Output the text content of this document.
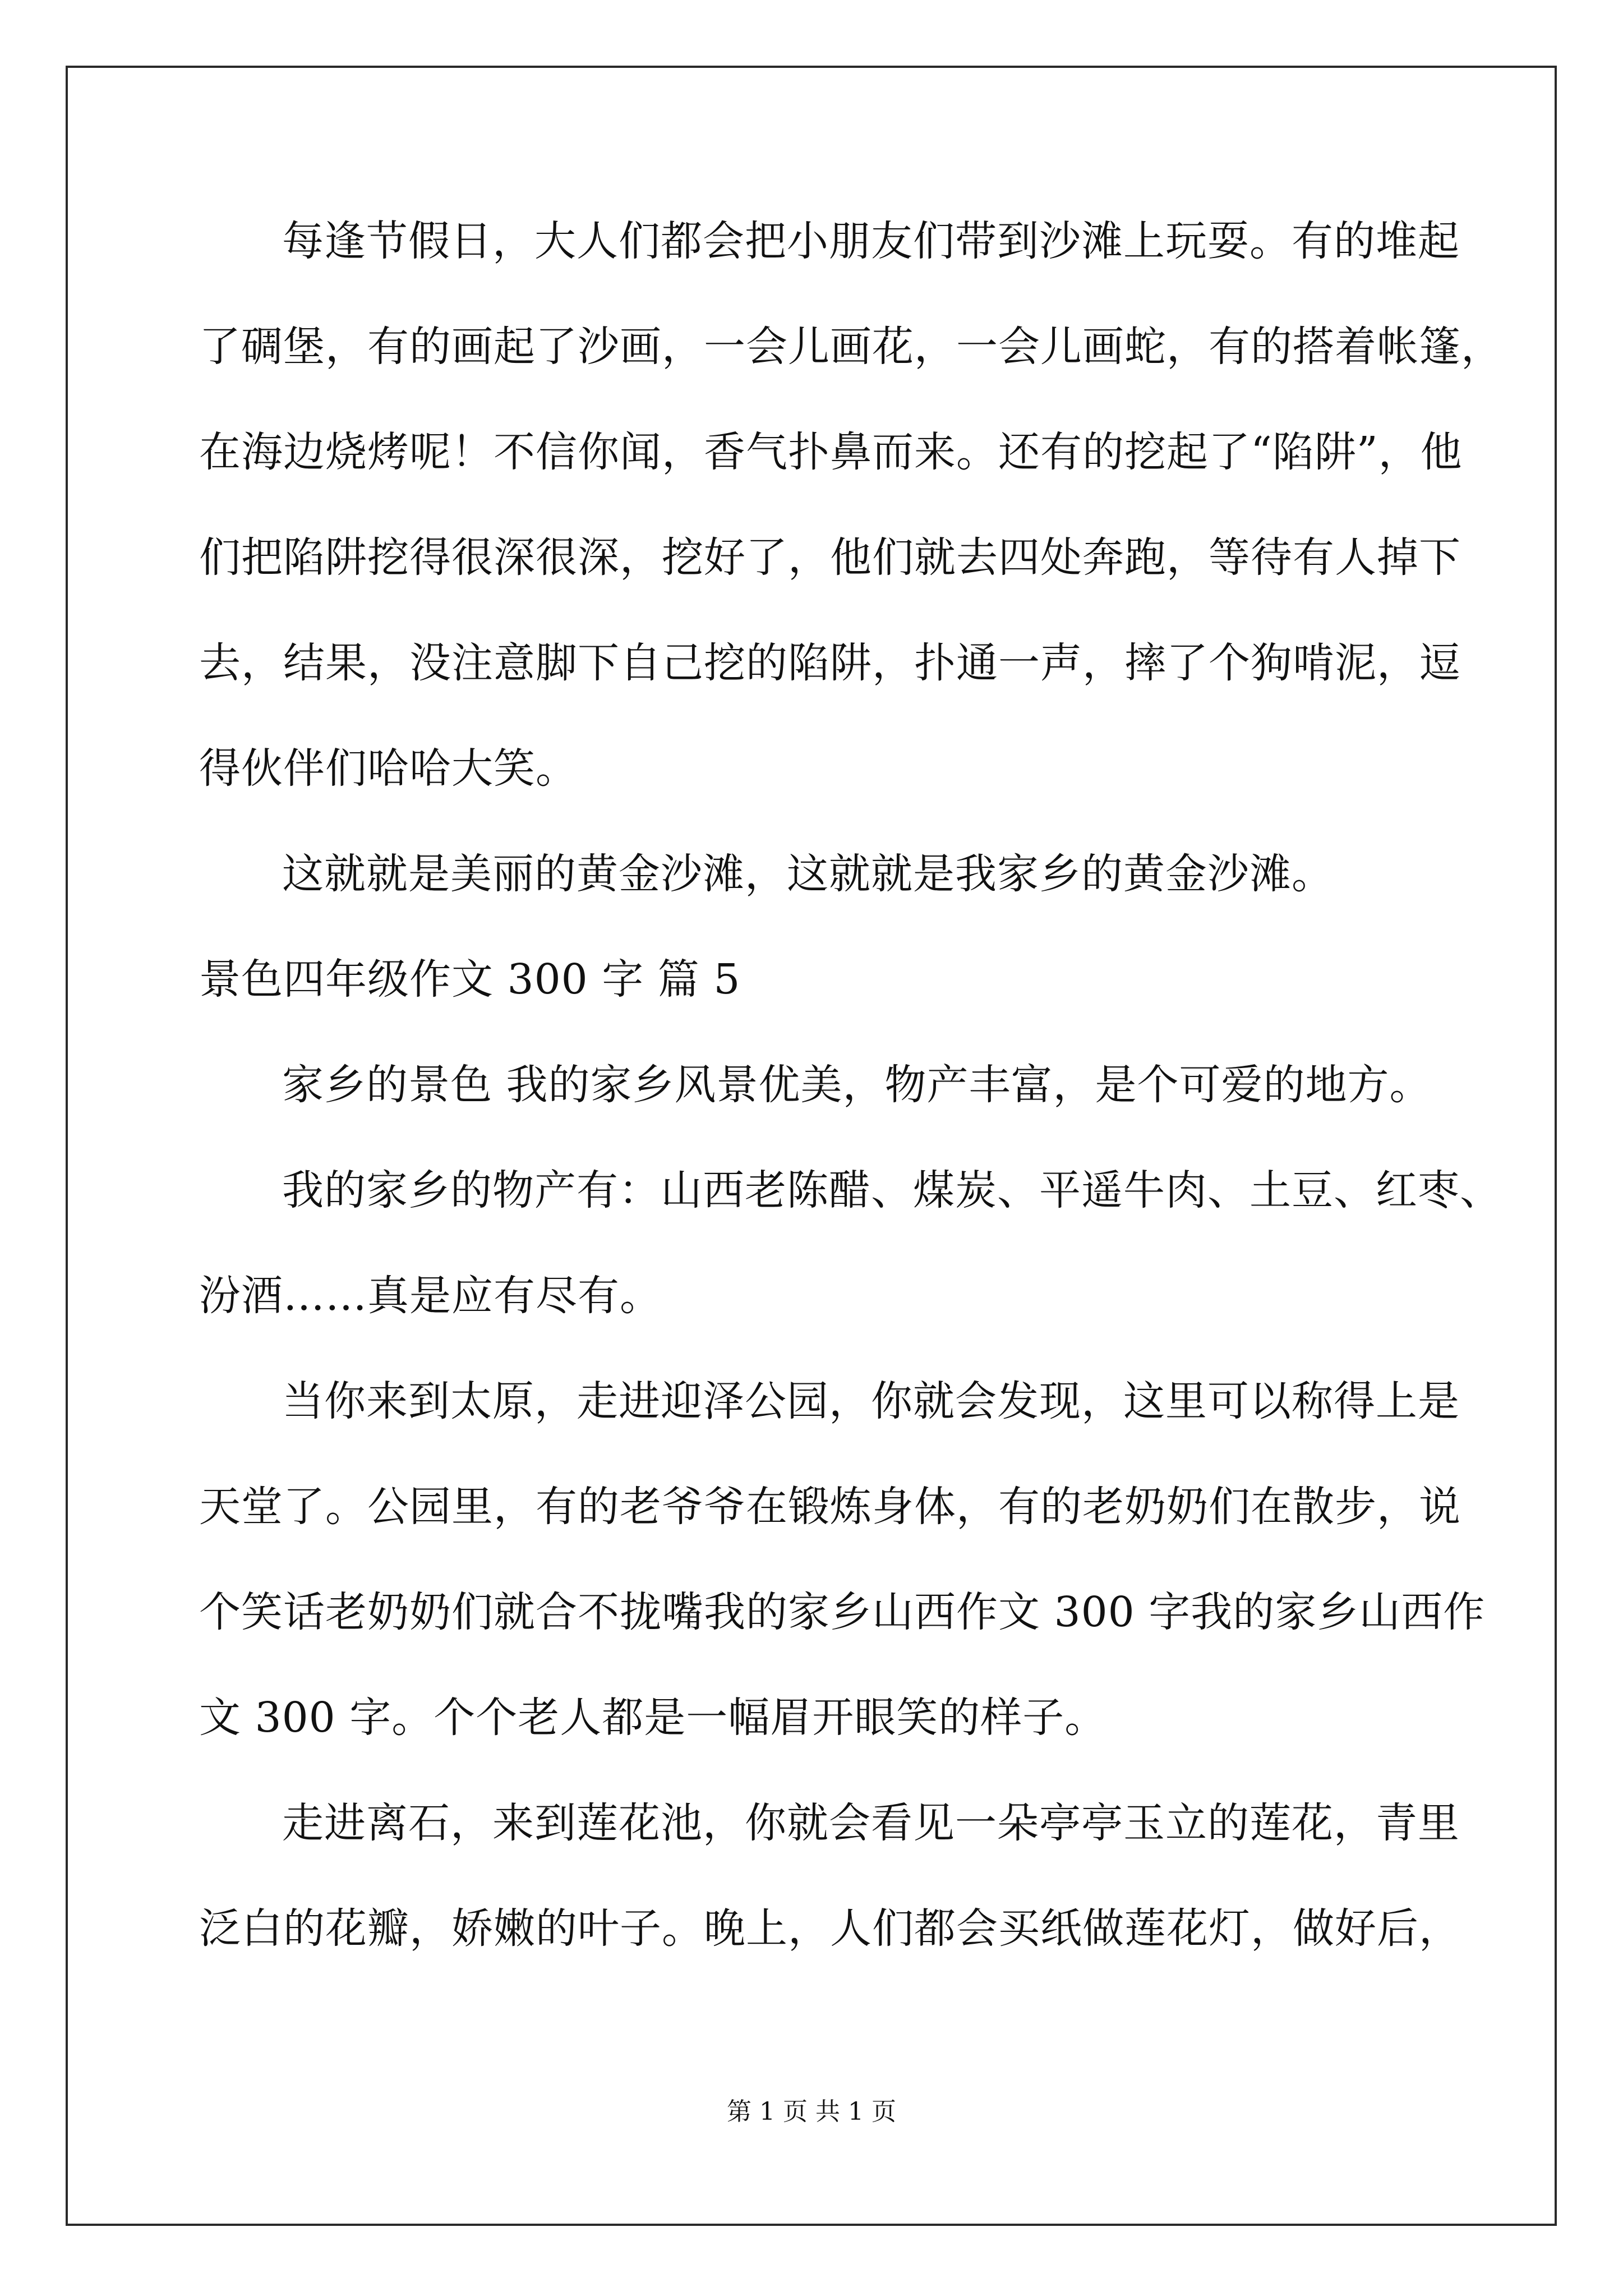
每逢节假日，大人们都会把小朋友们带到沙滩上玩耍。有的堆起
了碉堡，有的画起了沙画，一会儿画花，一会儿画蛇，有的搭着帐篷，
在海边烧烤呢！不信你闻，香气扑鼻而来。还有的挖起了“陷阱”，他
们把陷阱挖得很深很深，挖好了，他们就去四处奔跑，等待有人掉下
去，结果，没注意脚下自己挖的陷阱，扑通一声，摔了个狗啃泥，逗
得伙伴们哈哈大笑。
这就就是美丽的黄金沙滩，这就就是我家乡的黄金沙滩。
景色四年级作文 300 字 篇 5
家乡的景色 我的家乡风景优美，物产丰富，是个可爱的地方。
我的家乡的物产有：山西老陈醋、煤炭、平遥牛肉、土豆、红枣、
汾酒……真是应有尽有。
当你来到太原，走进迎泽公园，你就会发现，这里可以称得上是
天堂了。公园里，有的老爷爷在锻炼身体，有的老奶奶们在散步，说
个笑话老奶奶们就合不拢嘴我的家乡山西作文 300 字我的家乡山西作
文 300 字。个个老人都是一幅眉开眼笑的样子。
走进离石，来到莲花池，你就会看见一朵亭亭玉立的莲花，青里
泛白的花瓣，娇嫩的叶子。晚上，人们都会买纸做莲花灯，做好后，
第 1 页 共 1 页
